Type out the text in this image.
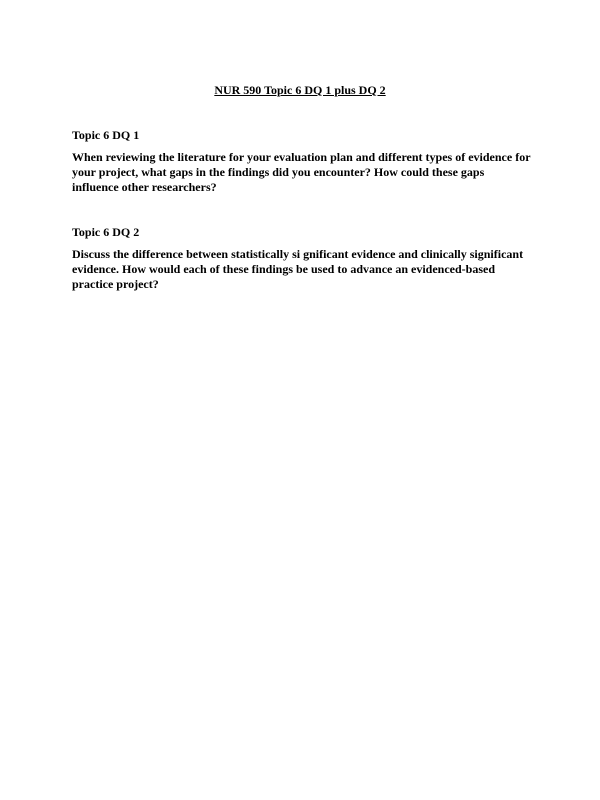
NUR 590 Topic 6 DQ 1 plus DQ 2
Topic 6 DQ 1

When reviewing the literature for your evaluation plan and different types of evidence for your project, what gaps in the findings did you encounter? How could these gaps influence other researchers?

Topic 6 DQ 2

Discuss the difference between statistically si gnificant evidence and clinically significant evidence. How would each of these findings be used to advance an evidenced-based practice project?
